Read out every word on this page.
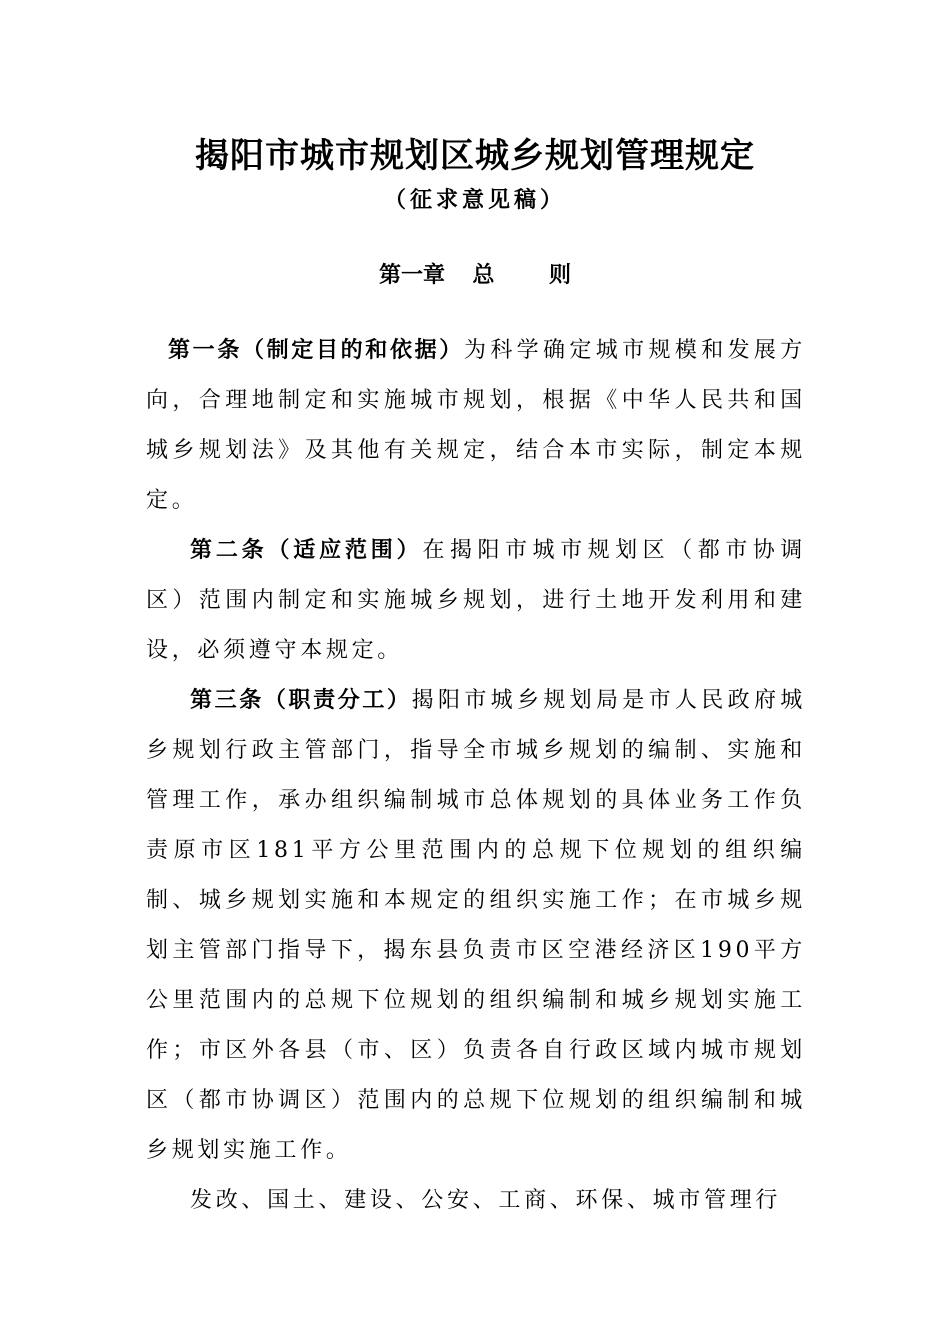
揭阳市城市规划区城乡规划管理规定
（征求意见稿）
第一章  总    则

第一条（制定目的和依据）为科学确定城市规模和发展方向，合理地制定和实施城市规划，根据《中华人民共和国城乡规划法》及其他有关规定，结合本市实际，制定本规定。

第二条（适应范围）在揭阳市城市规划区（都市协调区）范围内制定和实施城乡规划，进行土地开发利用和建设，必须遵守本规定。

第三条（职责分工）揭阳市城乡规划局是市人民政府城乡规划行政主管部门，指导全市城乡规划的编制、实施和管理工作，承办组织编制城市总体规划的具体业务工作负责原市区181平方公里范围内的总规下位规划的组织编制、城乡规划实施和本规定的组织实施工作；在市城乡规划主管部门指导下，揭东县负责市区空港经济区190平方公里范围内的总规下位规划的组织编制和城乡规划实施工作；市区外各县（市、区）负责各自行政区域内城市规划区（都市协调区）范围内的总规下位规划的组织编制和城乡规划实施工作。

发改、国土、建设、公安、工商、环保、城市管理行
